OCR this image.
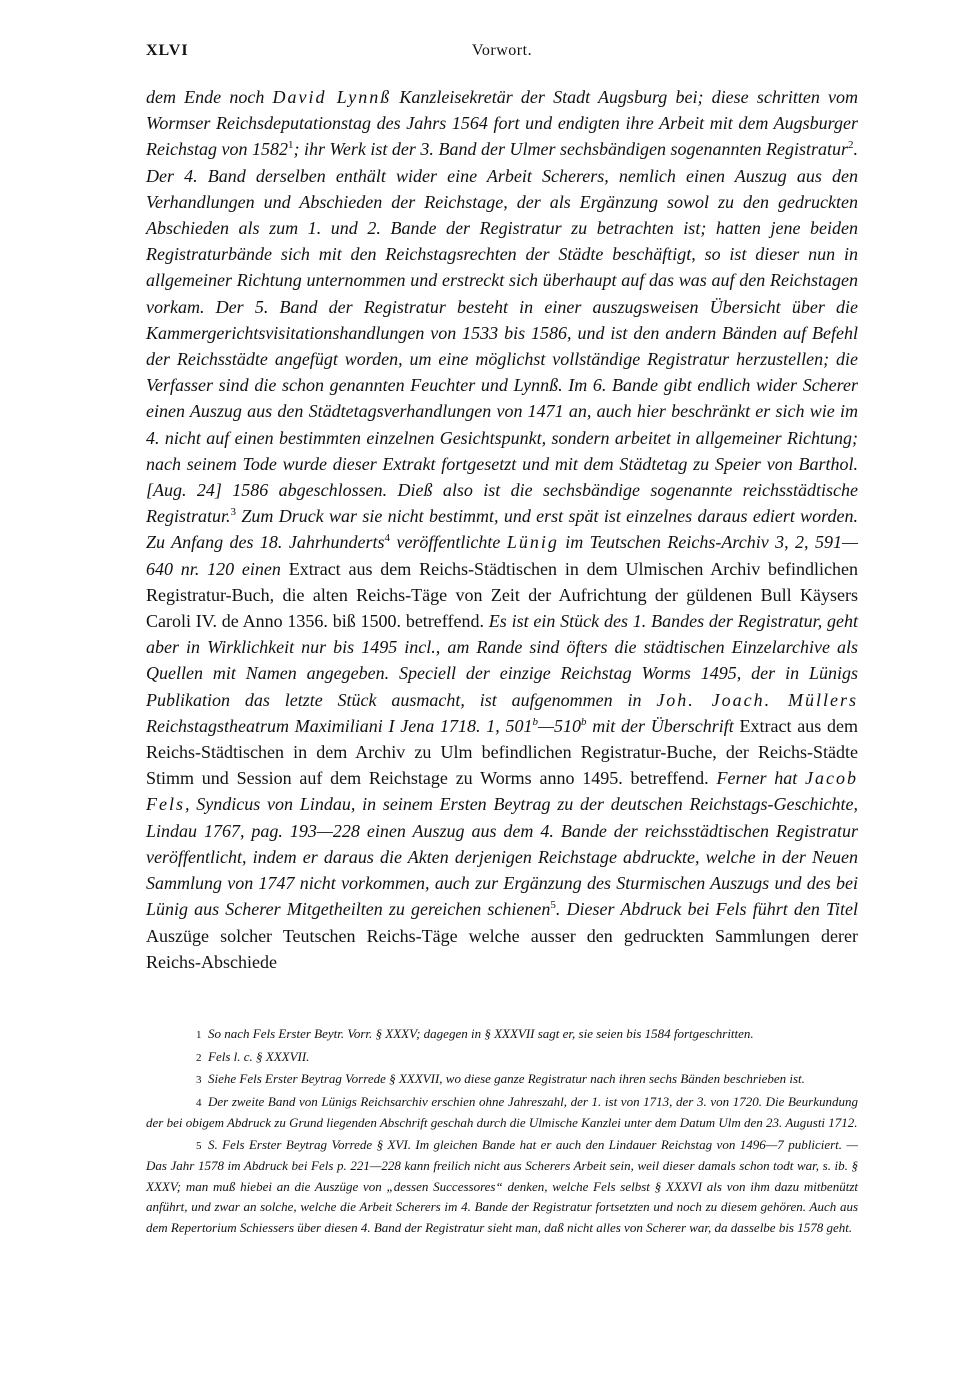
XLVI	Vorwort.
dem Ende noch David Lynnß Kanzleisekretär der Stadt Augsburg bei; diese schritten vom Wormser Reichsdeputationstag des Jahrs 1564 fort und endigten ihre Arbeit mit dem Augsburger Reichstag von 1582$^1$; ihr Werk ist der 3. Band der Ulmer sechsbändigen sogenannten Registratur$^2$. Der 4. Band derselben enthält wider eine Arbeit Scherers, nemlich einen Auszug aus den Verhandlungen und Abschieden der Reichstage, der als Ergänzung sowol zu den gedruckten Abschieden als zum 1. und 2. Bande der Registratur zu betrachten ist; hatten jene beiden Registraturbände sich mit den Reichstagsrechten der Städte beschäftigt, so ist dieser nun in allgemeiner Richtung unternommen und erstreckt sich überhaupt auf das was auf den Reichstagen vorkam. Der 5. Band der Registratur besteht in einer auszugsweisen Übersicht über die Kammergerichtsvisitationshandlungen von 1533 bis 1586, und ist den andern Bänden auf Befehl der Reichsstädte angefügt worden, um eine möglichst vollständige Registratur herzustellen; die Verfasser sind die schon genannten Feuchter und Lynnß. Im 6. Bande gibt endlich wider Scherer einen Auszug aus den Städtetagsverhandlungen von 1471 an, auch hier beschränkt er sich wie im 4. nicht auf einen bestimmten einzelnen Gesichtspunkt, sondern arbeitet in allgemeiner Richtung; nach seinem Tode wurde dieser Extrakt fortgesetzt und mit dem Städtetag zu Speier von Barthol. [Aug. 24] 1586 abgeschlossen. Dieß also ist die sechsbändige sogenannte reichsstädtische Registratur.$^3$ Zum Druck war sie nicht bestimmt, und erst spät ist einzelnes daraus ediert worden. Zu Anfang des 18. Jahrhunderts$^4$ veröffentlichte Lünig im Teutschen Reichs-Archiv 3, 2, 591—640 nr. 120 einen Extract aus dem Reichs-Städtischen in dem Ulmischen Archiv befindlichen Registratur-Buch, die alten Reichs-Täge von Zeit der Aufrichtung der güldenen Bull Käysers Caroli IV. de Anno 1356. biß 1500. betreffend. Es ist ein Stück des 1. Bandes der Registratur, geht aber in Wirklichkeit nur bis 1495 incl., am Rande sind öfters die städtischen Einzelarchive als Quellen mit Namen angegeben. Speciell der einzige Reichstag Worms 1495, der in Lünigs Publikation das letzte Stück ausmacht, ist aufgenommen in Joh. Joach. Müllers Reichstagstheatrum Maximiliani I Jena 1718. 1, 501$^b$—510$^b$ mit der Überschrift Extract aus dem Reichs-Städtischen in dem Archiv zu Ulm befindlichen Registratur-Buche, der Reichs-Städte Stimm und Session auf dem Reichstage zu Worms anno 1495. betreffend. Ferner hat Jacob Fels, Syndicus von Lindau, in seinem Ersten Beytrag zu der deutschen Reichstags-Geschichte, Lindau 1767, pag. 193—228 einen Auszug aus dem 4. Bande der reichsstädtischen Registratur veröffentlicht, indem er daraus die Akten derjenigen Reichstage abdruckte, welche in der Neuen Sammlung von 1747 nicht vorkommen, auch zur Ergänzung des Sturmischen Auszugs und des bei Lünig aus Scherer Mitgetheilten zu gereichen schienen$^5$. Dieser Abdruck bei Fels führt den Titel Auszüge solcher Teutschen Reichs-Täge welche ausser den gedruckten Sammlungen derer Reichs-Abschiede

1 So nach Fels Erster Beytr. Vorr. § XXXV; dagegen in § XXXVII sagt er, sie seien bis 1584 fortgeschritten.

2 Fels l. c. § XXXVII.

3 Siehe Fels Erster Beytrag Vorrede § XXXVII, wo diese ganze Registratur nach ihren sechs Bänden beschrieben ist.

4 Der zweite Band von Lünigs Reichsarchiv erschien ohne Jahreszahl, der 1. ist von 1713, der 3. von 1720. Die Beurkundung der bei obigem Abdruck zu Grund liegenden Abschrift geschah durch die Ulmische Kanzlei unter dem Datum Ulm den 23. Augusti 1712.

5 S. Fels Erster Beytrag Vorrede § XVI. Im gleichen Bande hat er auch den Lindauer Reichstag von 1496—7 publiciert. — Das Jahr 1578 im Abdruck bei Fels p. 221—228 kann freilich nicht aus Scherers Arbeit sein, weil dieser damals schon todt war, s. ib. § XXXV; man muß hiebei an die Auszüge von „dessen Successores“ denken, welche Fels selbst § XXXVI als von ihm dazu mitbenützt anführt, und zwar an solche, welche die Arbeit Scherers im 4. Bande der Registratur fortsetzten und noch zu diesem gehören. Auch aus dem Repertorium Schiessers über diesen 4. Band der Registratur sieht man, daß nicht alles von Scherer war, da dasselbe bis 1578 geht.
